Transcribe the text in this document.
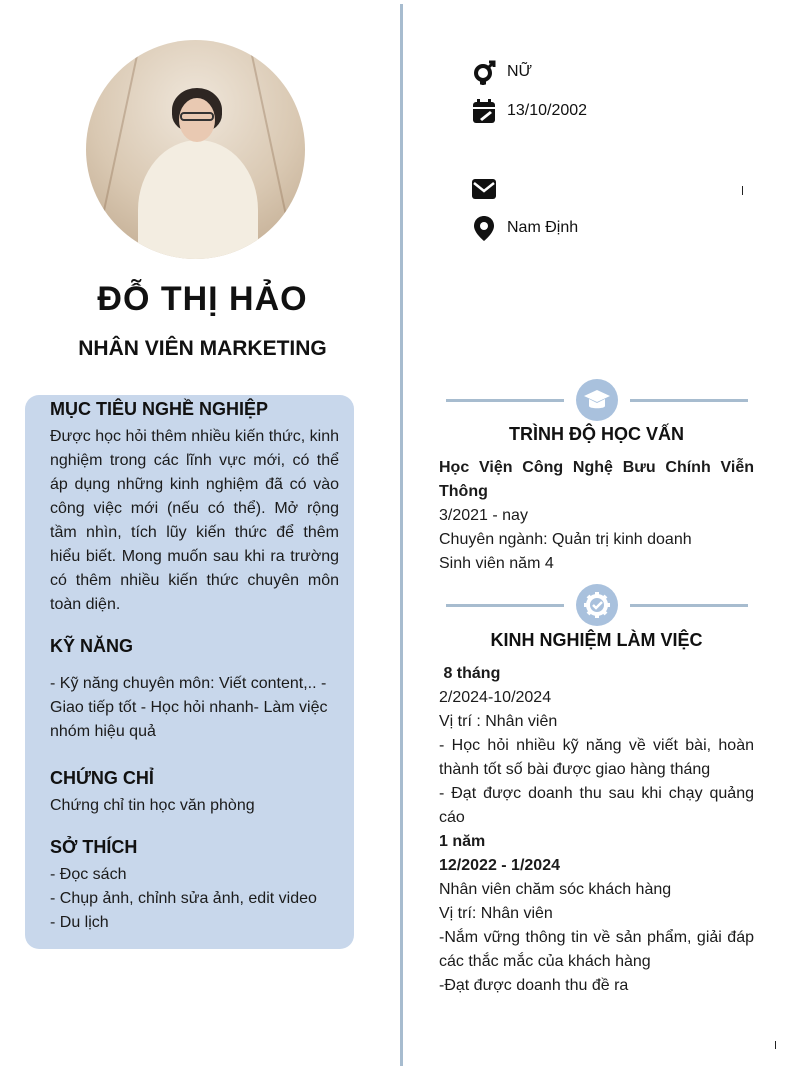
ĐỖ THỊ HẢO
NHÂN VIÊN MARKETING
MỤC TIÊU NGHỀ NGHIỆP
Được học hỏi thêm nhiều kiến thức, kinh nghiệm trong các lĩnh vực mới, có thể áp dụng những kinh nghiệm đã có vào công việc mới (nếu có thể). Mở rộng tầm nhìn, tích lũy kiến thức để thêm hiểu biết. Mong muốn sau khi ra trường có thêm nhiều kiến thức chuyên môn toàn diện.
KỸ NĂNG
- Kỹ năng chuyên môn: Viết content,.. - Giao tiếp tốt - Học hỏi nhanh- Làm việc nhóm hiệu quả
CHỨNG CHỈ
Chứng chỉ tin học văn phòng
SỞ THÍCH
- Đọc sách
- Chụp ảnh, chỉnh sửa ảnh, edit video
- Du lịch
NỮ
13/10/2002
Nam Định
TRÌNH ĐỘ HỌC VẤN
Học Viện Công Nghệ Bưu Chính Viễn Thông
3/2021 - nay
Chuyên ngành: Quản trị kinh doanh
Sinh viên năm 4
KINH NGHIỆM LÀM VIỆC
8 tháng
2/2024-10/2024
Vị trí : Nhân viên
- Học hỏi nhiều kỹ năng về viết bài, hoàn thành tốt số bài được giao hàng tháng
- Đạt được doanh thu sau khi chạy quảng cáo
1 năm
12/2022 - 1/2024
Nhân viên chăm sóc khách hàng
Vị trí: Nhân viên
-Nắm vững thông tin về sản phẩm, giải đáp các thắc mắc của khách hàng
-Đạt được doanh thu đề ra
